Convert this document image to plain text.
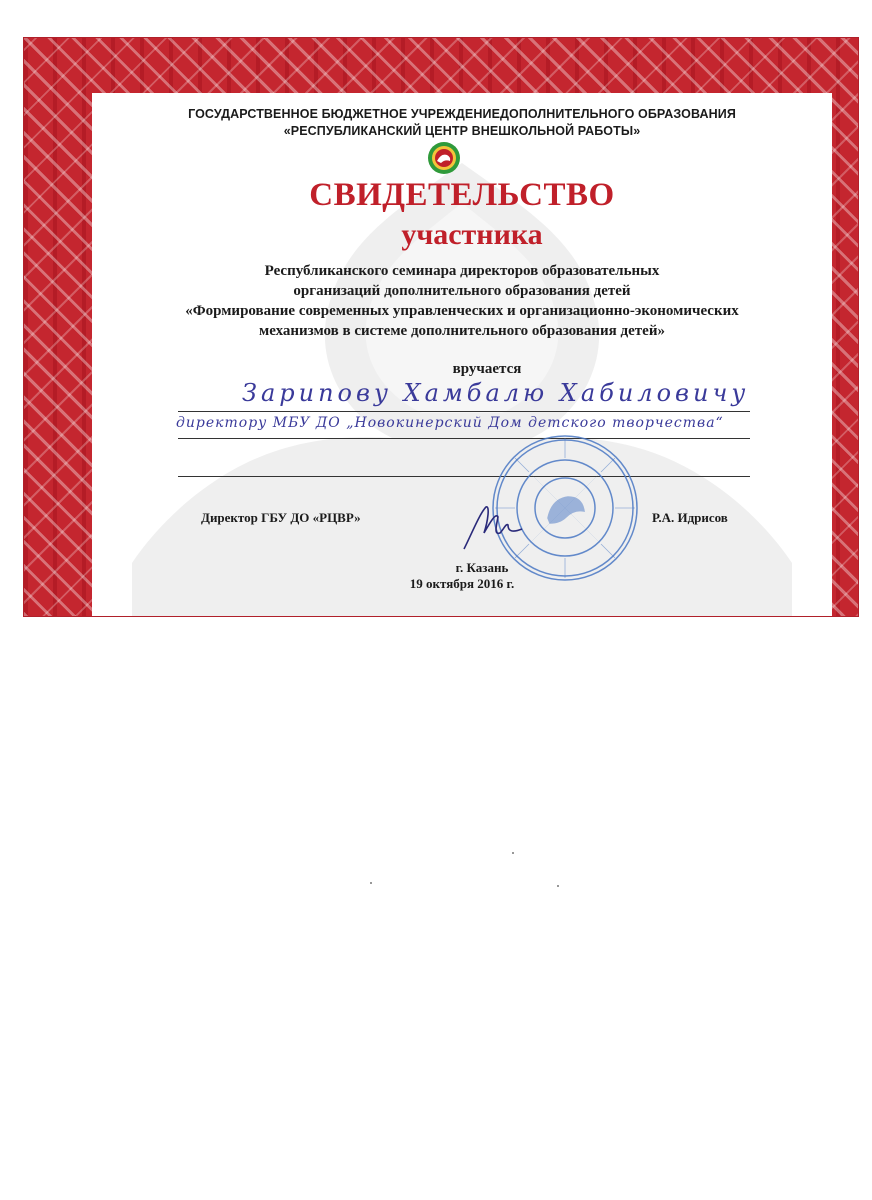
ГОСУДАРСТВЕННОЕ БЮДЖЕТНОЕ УЧРЕЖДЕНИЕДОПОЛНИТЕЛЬНОГО ОБРАЗОВАНИЯ
«РЕСПУБЛИКАНСКИЙ ЦЕНТР ВНЕШКОЛЬНОЙ РАБОТЫ»
СВИДЕТЕЛЬСТВО
участника
Республиканского семинара директоров образовательных
организаций дополнительного образования детей
«Формирование современных управленческих и организационно-экономических
механизмов в системе дополнительного образования детей»
вручается
Зарипову Хамбалю Хабиловичу
директору МБУ ДО „Новокинерский Дом детского творчества“
Директор ГБУ ДО «РЦВР»	Р.А. Идрисов
г. Казань
19 октября 2016 г.
